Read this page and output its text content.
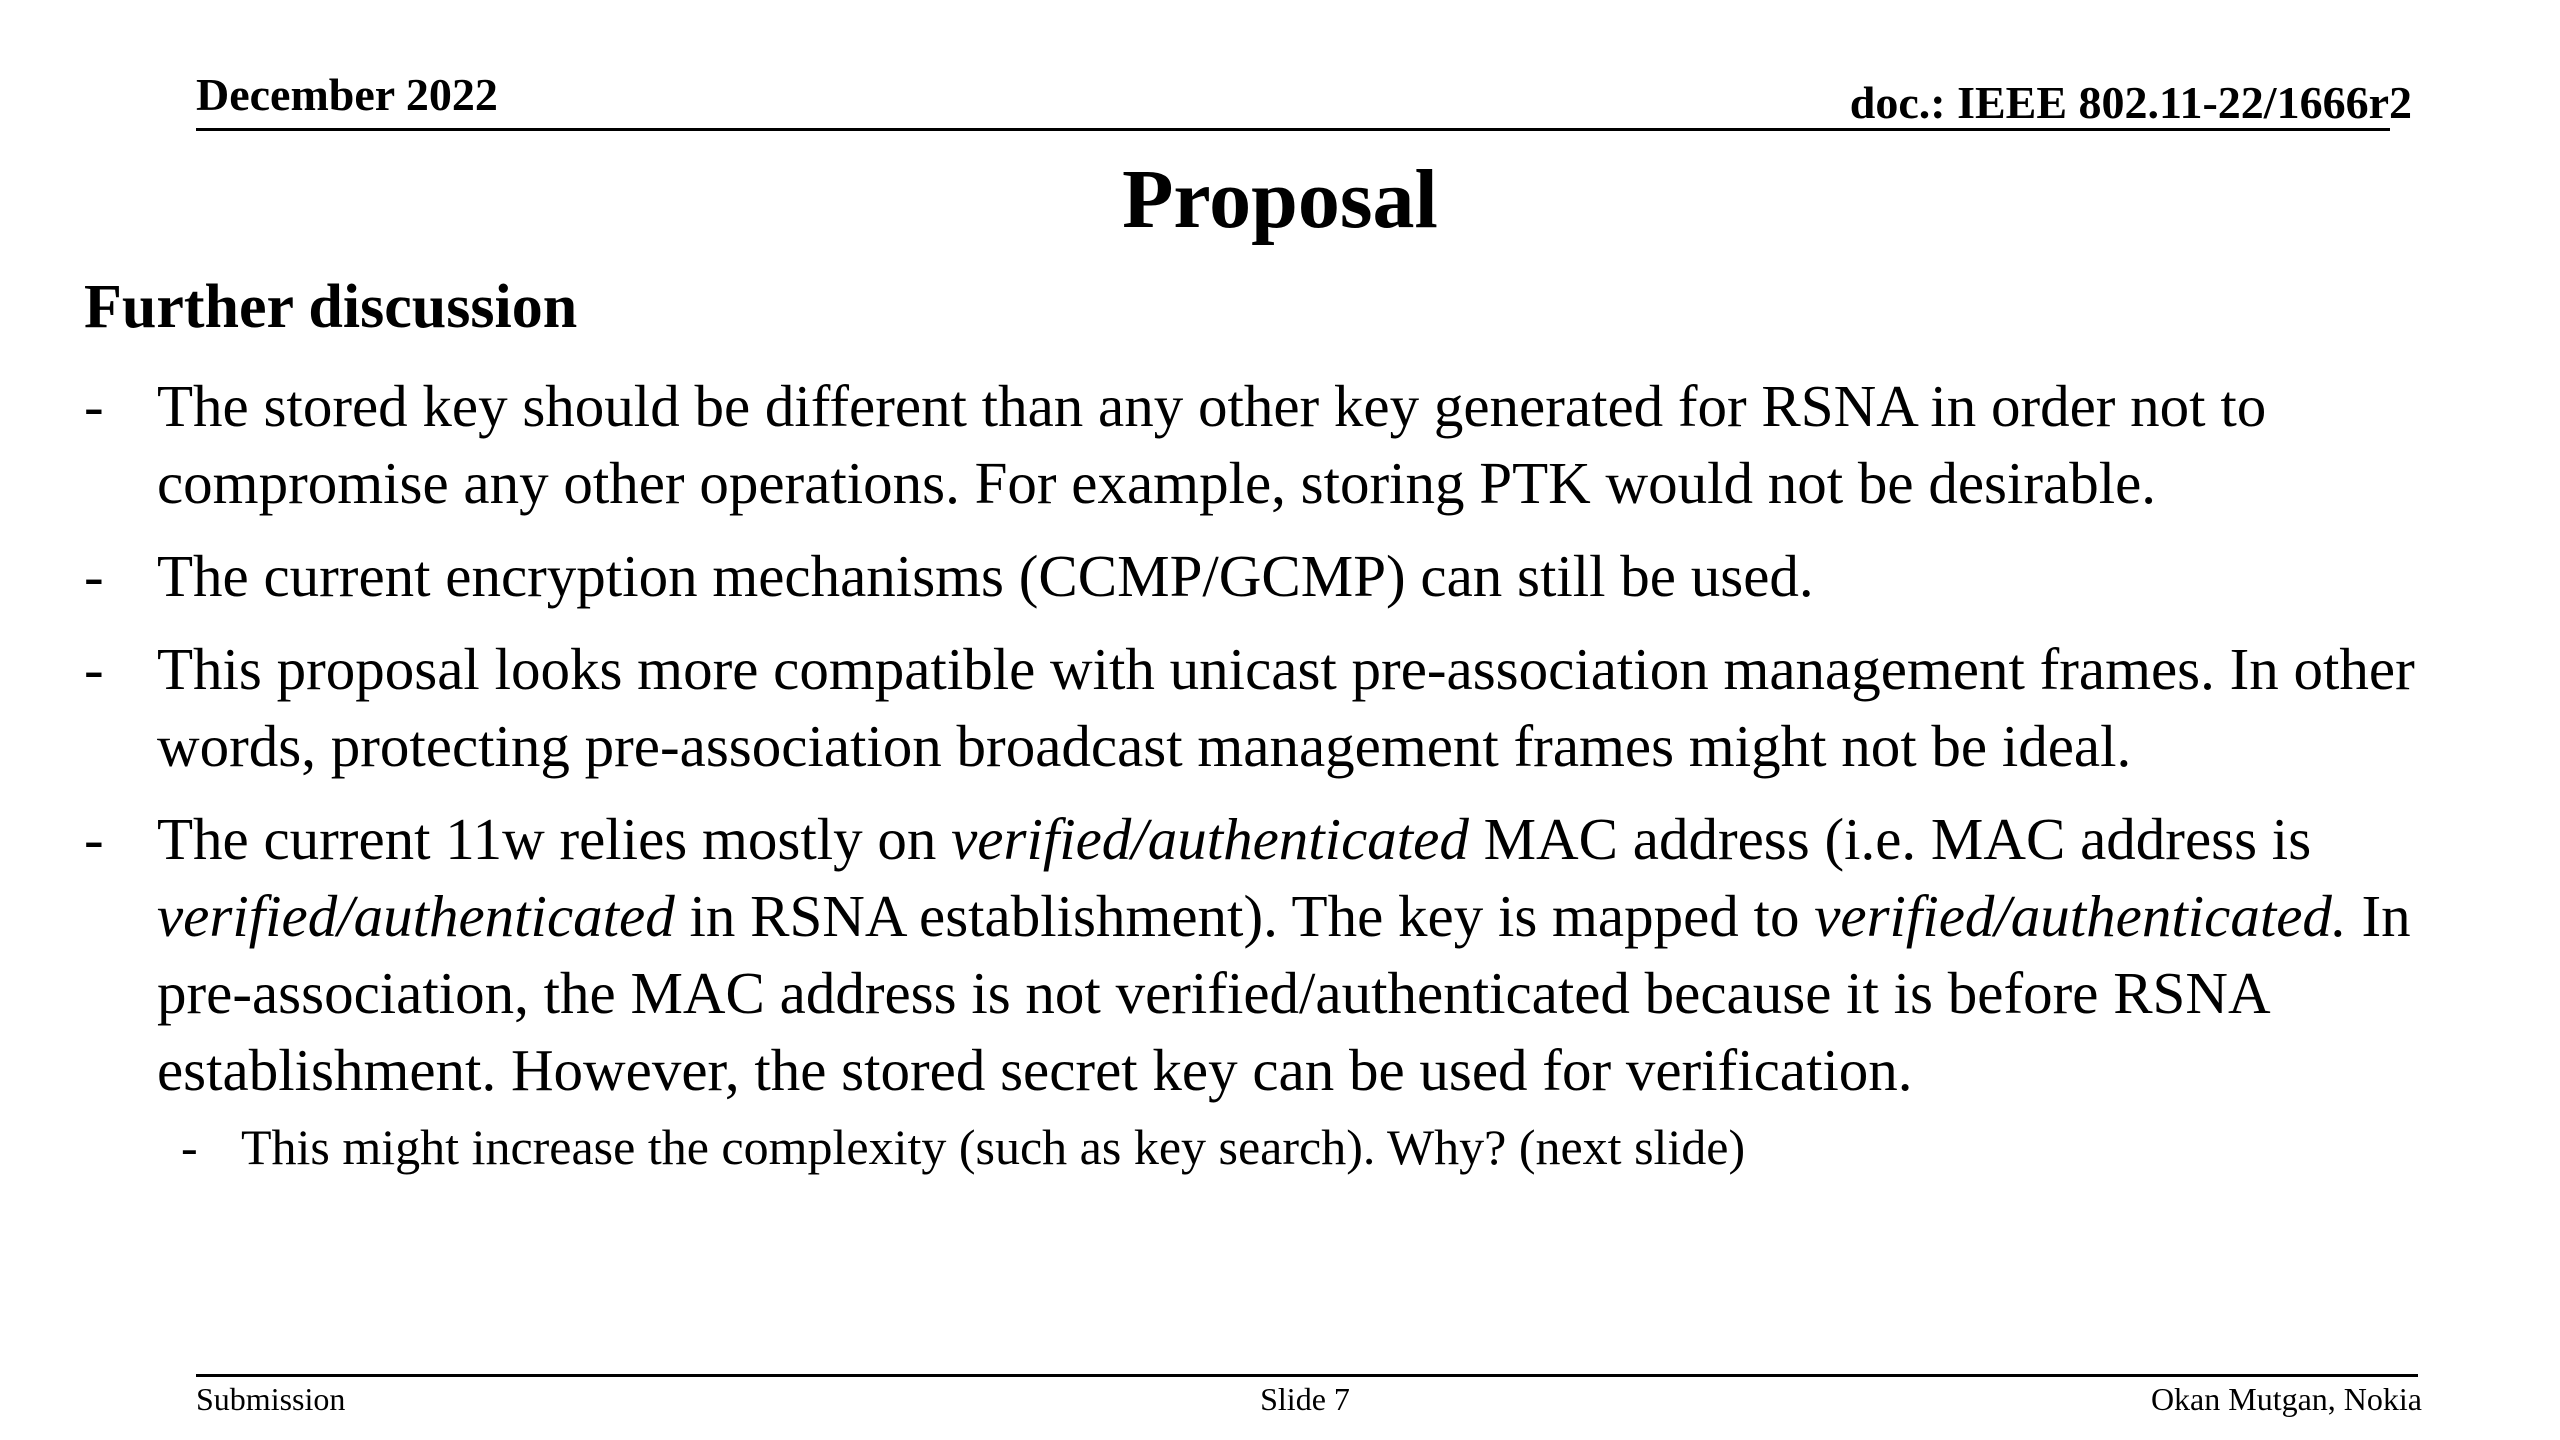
December 2022	doc.: IEEE 802.11-22/1666r2
Proposal
Further discussion
- The stored key should be different than any other key generated for RSNA in order not to compromise any other operations. For example, storing PTK would not be desirable.
- The current encryption mechanisms (CCMP/GCMP) can still be used.
- This proposal looks more compatible with unicast pre-association management frames. In other words, protecting pre-association broadcast management frames might not be ideal.
- The current 11w relies mostly on verified/authenticated MAC address (i.e. MAC address is verified/authenticated in RSNA establishment). The key is mapped to verified/authenticated. In pre-association, the MAC address is not verified/authenticated because it is before RSNA establishment. However, the stored secret key can be used for verification.
- This might increase the complexity (such as key search). Why? (next slide)
Submission	Slide 7	Okan Mutgan, Nokia
